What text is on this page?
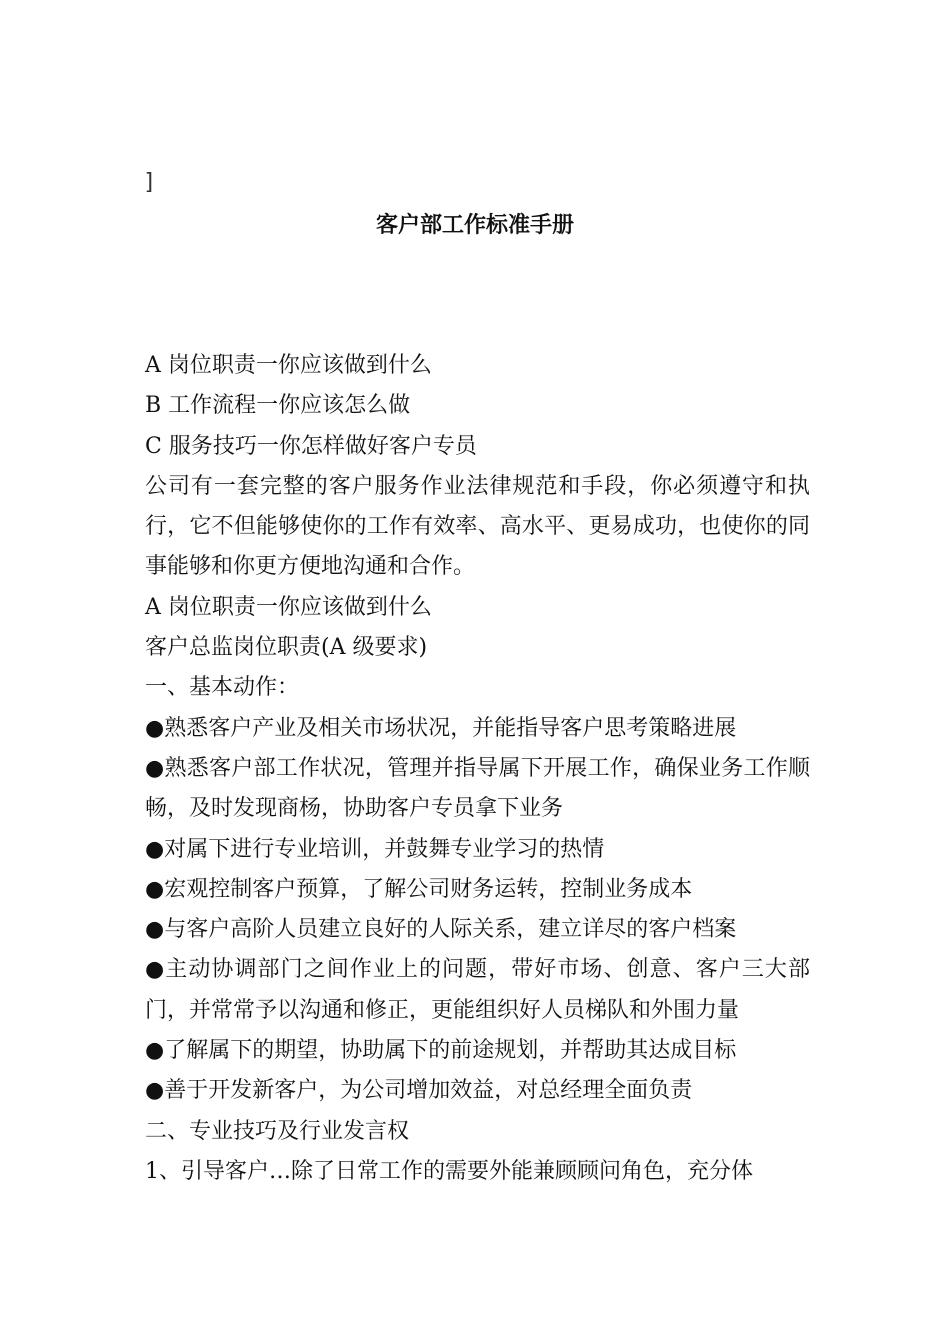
]
客户部工作标准手册

A 岗位职责一你应该做到什么

B 工作流程一你应该怎么做

C 服务技巧一你怎样做好客户专员

公司有一套完整的客户服务作业法律规范和手段，你必须遵守和执行，它不但能够使你的工作有效率、高水平、更易成功，也使你的同事能够和你更方便地沟通和合作。

A 岗位职责一你应该做到什么

客户总监岗位职责(A 级要求)

一、基本动作：

●熟悉客户产业及相关市场状况，并能指导客户思考策略进展

●熟悉客户部工作状况，管理并指导属下开展工作，确保业务工作顺畅，及时发现商杨，协助客户专员拿下业务

●对属下进行专业培训，并鼓舞专业学习的热情

●宏观控制客户预算，了解公司财务运转，控制业务成本

●与客户高阶人员建立良好的人际关系，建立详尽的客户档案

●主动协调部门之间作业上的问题，带好市场、创意、客户三大部门，并常常予以沟通和修正，更能组织好人员梯队和外围力量

●了解属下的期望，协助属下的前途规划，并帮助其达成目标

●善于开发新客户，为公司增加效益，对总经理全面负责

二、专业技巧及行业发言权

1、引导客户…除了日常工作的需要外能兼顾顾问角色，充分体
